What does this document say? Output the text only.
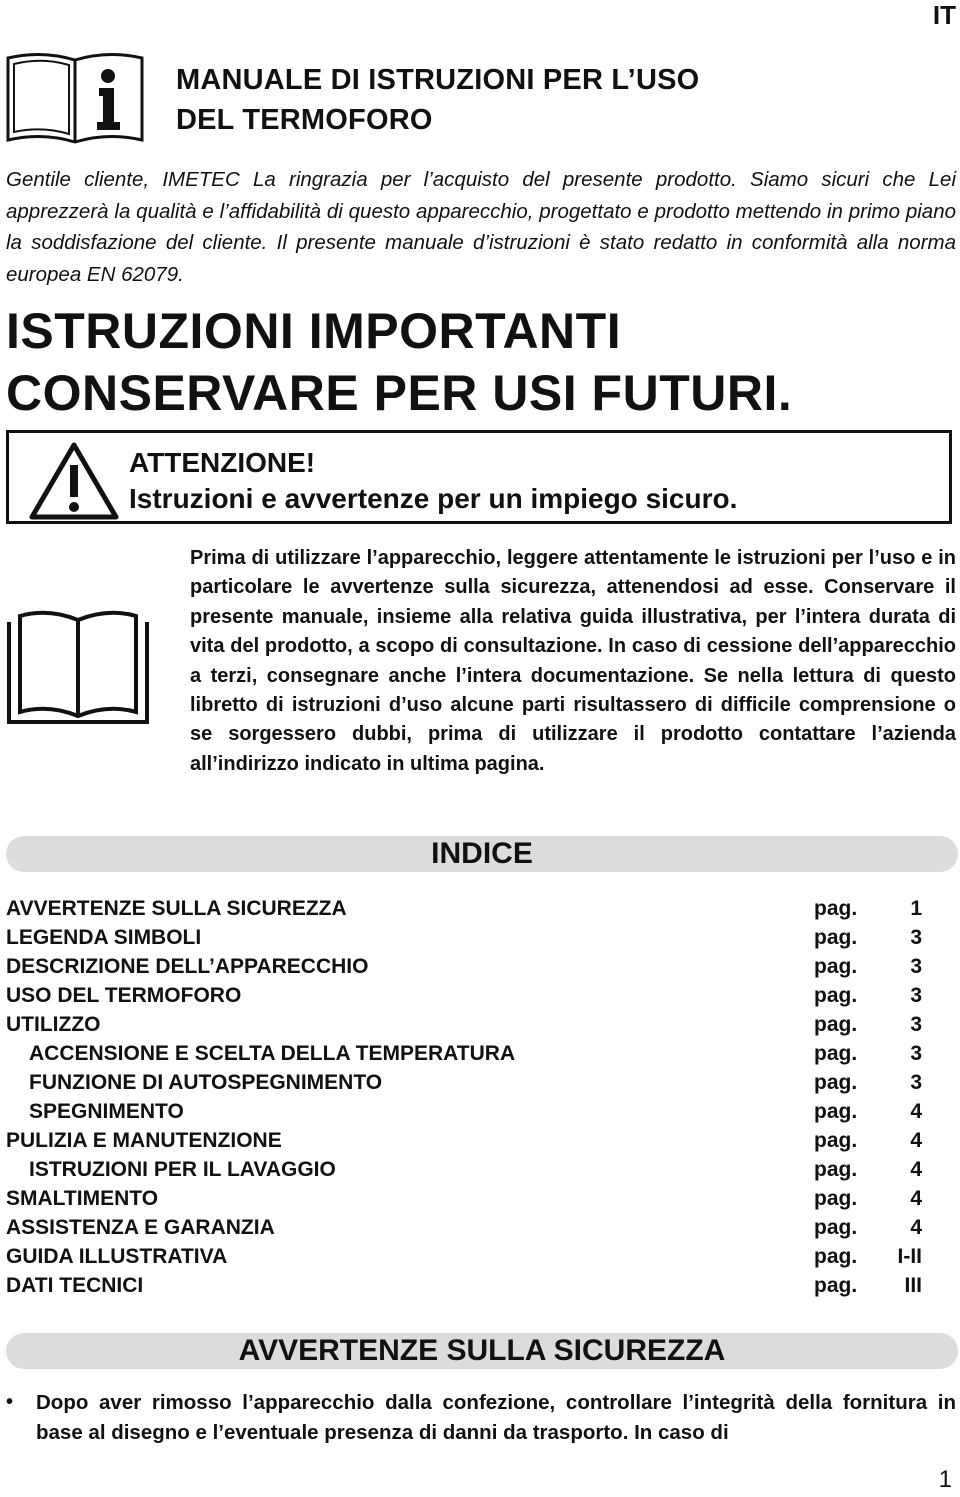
IT
MANUALE DI ISTRUZIONI PER L’USO
DEL TERMOFORO
Gentile cliente, IMETEC La ringrazia per l’acquisto del presente prodotto. Siamo sicuri che Lei apprezzerà la qualità e l’affidabilità di questo apparecchio, progettato e prodotto mettendo in primo piano la soddisfazione del cliente. Il presente manuale d’istruzioni è stato redatto in conformità alla norma europea EN 62079.
ISTRUZIONI IMPORTANTI
CONSERVARE PER USI FUTURI.
ATTENZIONE!
Istruzioni e avvertenze per un impiego sicuro.
Prima di utilizzare l’apparecchio, leggere attentamente le istruzioni per l’uso e in particolare le avvertenze sulla sicurezza, attenendosi ad esse. Conservare il presente manuale, insieme alla relativa guida illustrativa, per l’intera durata di vita del prodotto, a scopo di consultazione. In caso di cessione dell’apparecchio a terzi, consegnare anche l’intera documentazione. Se nella lettura di questo libretto di istruzioni d’uso alcune parti risultassero di difficile comprensione o se sorgessero dubbi, prima di utilizzare il prodotto contattare l’azienda all’indirizzo indicato in ultima pagina.
INDICE
AVVERTENZE SULLA SICUREZZA	pag.	1
LEGENDA SIMBOLI	pag.	3
DESCRIZIONE DELL’APPARECCHIO	pag.	3
USO DEL TERMOFORO	pag.	3
UTILIZZO	pag.	3
ACCENSIONE E SCELTA DELLA TEMPERATURA	pag.	3
FUNZIONE DI AUTOSPEGNIMENTO	pag.	3
SPEGNIMENTO	pag.	4
PULIZIA E MANUTENZIONE	pag.	4
ISTRUZIONI PER IL LAVAGGIO	pag.	4
SMALTIMENTO	pag.	4
ASSISTENZA E GARANZIA	pag.	4
GUIDA ILLUSTRATIVA	pag. I-II
DATI TECNICI	pag. III
AVVERTENZE SULLA SICUREZZA
• Dopo aver rimosso l’apparecchio dalla confezione, controllare l’integrità della fornitura in base al disegno e l’eventuale presenza di danni da trasporto. In caso di
1
